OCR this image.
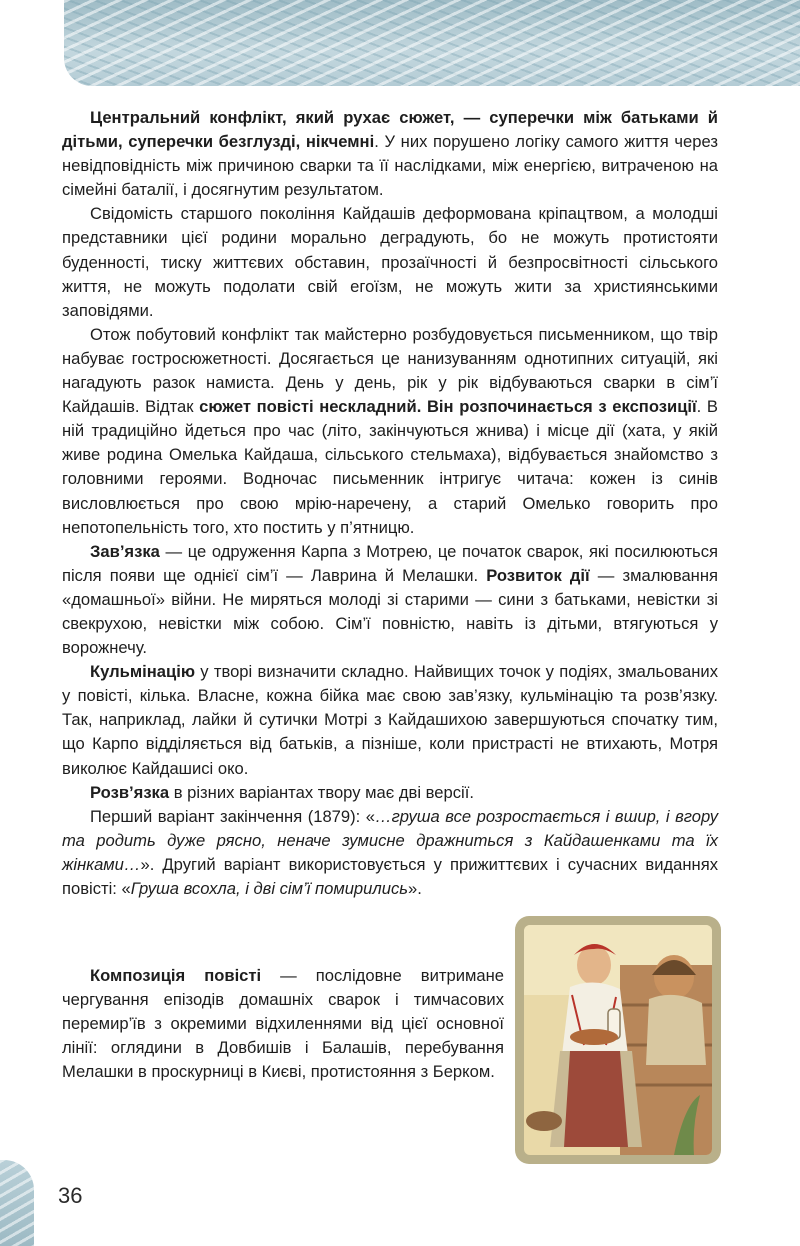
Центральний конфлікт, який рухає сюжет, — суперечки між батьками й дітьми, суперечки безглузді, нікчемні. У них порушено логіку самого життя через невідповідність між причиною сварки та її наслідками, між енергією, витраченою на сімейні баталії, і досягнутим результатом.

Свідомість старшого покоління Кайдашів деформована кріпацтвом, а молодші представники цієї родини морально деградують, бо не можуть протистояти буденності, тиску життєвих обставин, прозаїчності й безпросвітності сільського життя, не можуть подолати свій егоїзм, не можуть жити за християнськими заповідями.

Отож побутовий конфлікт так майстерно розбудовується письменником, що твір набуває гостросюжетності. Досягається це нанизуванням однотипних ситуацій, які нагадують разок намиста. День у день, рік у рік відбуваються сварки в сім’ї Кайдашів. Відтак сюжет повісті нескладний. Він розпочинається з експозиції. В ній традиційно йдеться про час (літо, закінчуються жнива) і місце дії (хата, у якій живе родина Омелька Кайдаша, сільського стельмаха), відбувається знайомство з головними героями. Водночас письменник інтригує читача: кожен із синів висловлюється про свою мрію-наречену, а старий Омелько говорить про непотопельність того, хто постить у п’ятницю.

Зав’язка — це одруження Карпа з Мотрею, це початок сварок, які посилюються після появи ще однієї сім’ї — Лаврина й Мелашки. Розвиток дії — змалювання «домашньої» війни. Не миряться молоді зі старими — сини з батьками, невістки зі свекрухою, невістки між собою. Сім’ї повністю, навіть із дітьми, втягуються у ворожнечу.

Кульмінацію у творі визначити складно. Найвищих точок у подіях, змальованих у повісті, кілька. Власне, кожна бійка має свою зав’язку, кульмінацію та розв’язку. Так, наприклад, лайки й сутички Мотрі з Кайдашихою завершуються спочатку тим, що Карпо відділяється від батьків, а пізніше, коли пристрасті не втихають, Мотря виколює Кайдашисі око.

Розв’язка в різних варіантах твору має дві версії.

Перший варіант закінчення (1879): «…груша все розростається і вшир, і вгору та родить дуже рясно, неначе зумисне дражниться з Кайдашенками та їх жінками…». Другий варіант використовується у прижиттєвих і сучасних виданнях повісті: «Груша всохла, і дві сім’ї помирились».

Композиція повісті — послідовне витримане чергування епізодів домашніх сварок і тимчасових перемир’їв з окремими відхиленнями від цієї основної лінії: оглядини в Довбишів і Балашів, перебування Мелашки в проскурниці в Києві, протистояння з Берком.

36
